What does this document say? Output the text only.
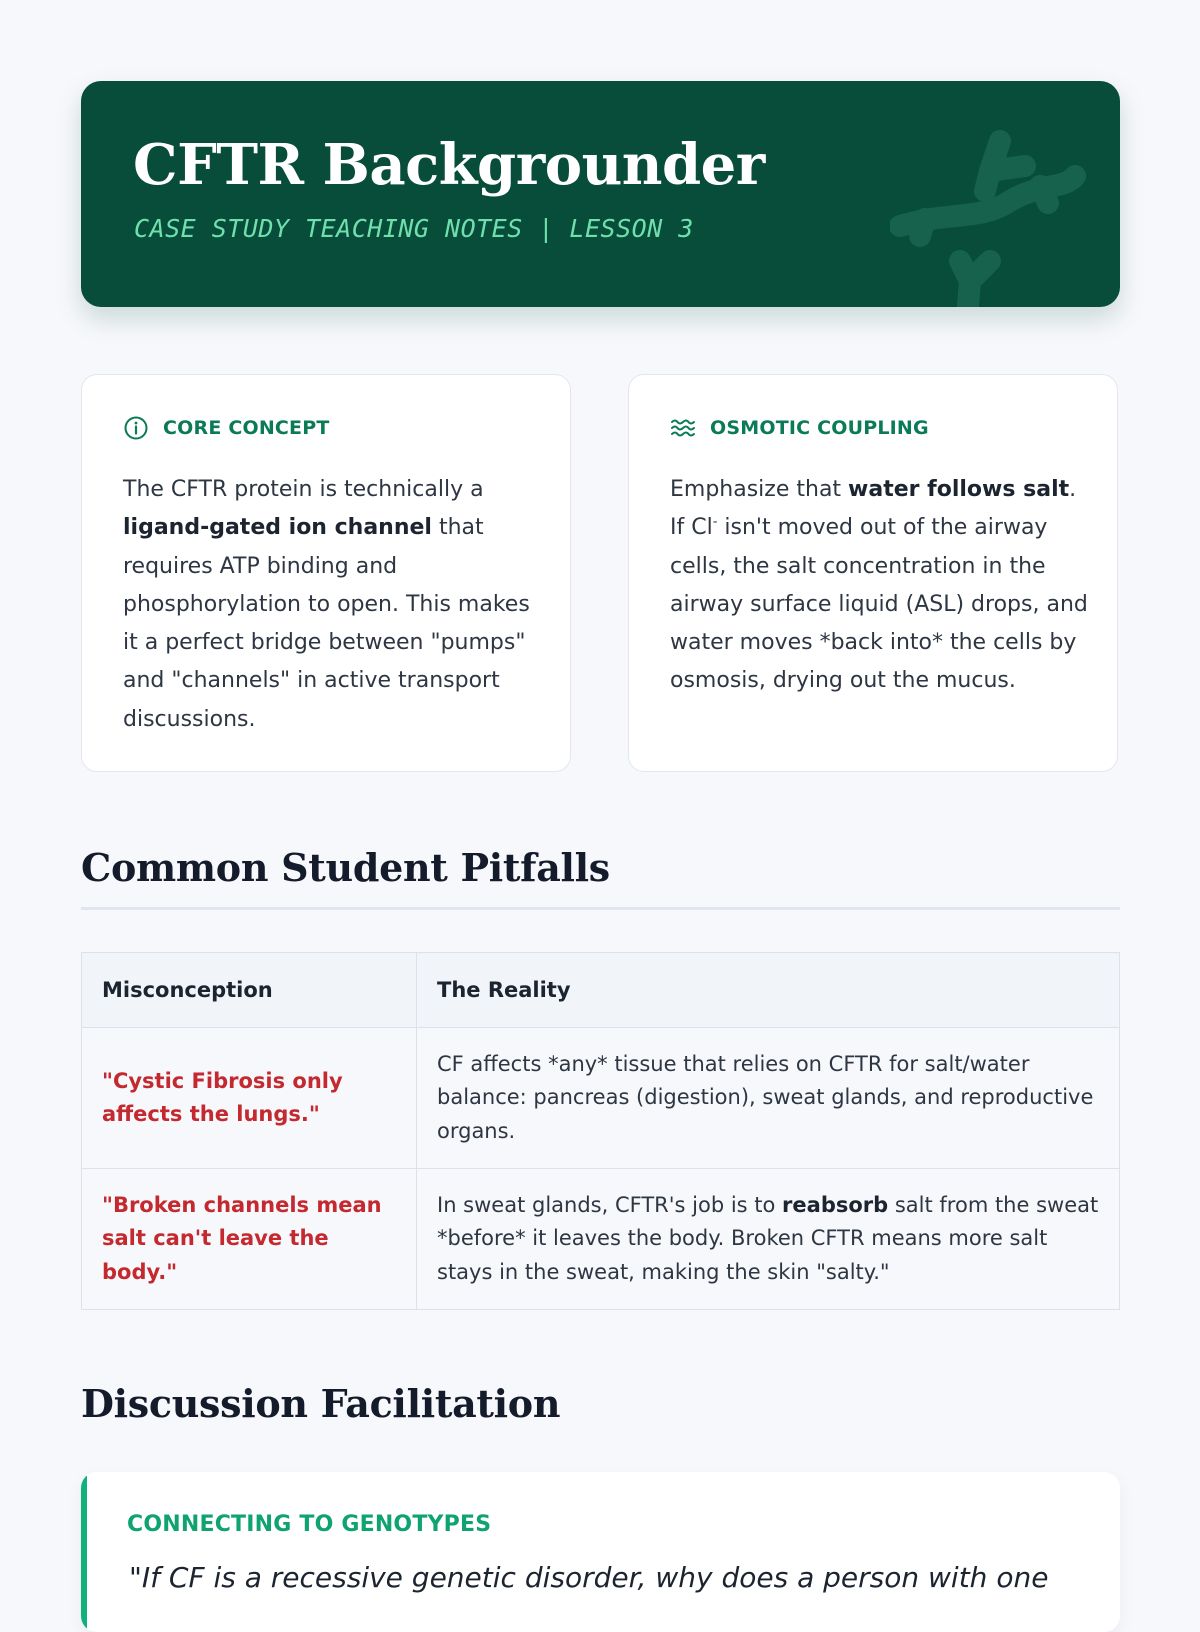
CFTR Backgrounder

CASE STUDY TEACHING NOTES | LESSON 3

CORE CONCEPT

The CFTR protein is technically a ligand-gated ion channel that requires ATP binding and phosphorylation to open. This makes it a perfect bridge between "pumps" and "channels" in active transport discussions.

OSMOTIC COUPLING

Emphasize that water follows salt. If Cl- isn't moved out of the airway cells, the salt concentration in the airway surface liquid (ASL) drops, and water moves *back into* the cells by osmosis, drying out the mucus.

Common Student Pitfalls
Misconception	The Reality
"Cystic Fibrosis only affects the lungs."	CF affects *any* tissue that relies on CFTR for salt/water balance: pancreas (digestion), sweat glands, and reproductive organs.
"Broken channels mean salt can't leave the body."	In sweat glands, CFTR's job is to reabsorb salt from the sweat *before* it leaves the body. Broken CFTR means more salt stays in the sweat, making the skin "salty."
Discussion Facilitation

CONNECTING TO GENOTYPES

"If CF is a recessive genetic disorder, why does a person with one
